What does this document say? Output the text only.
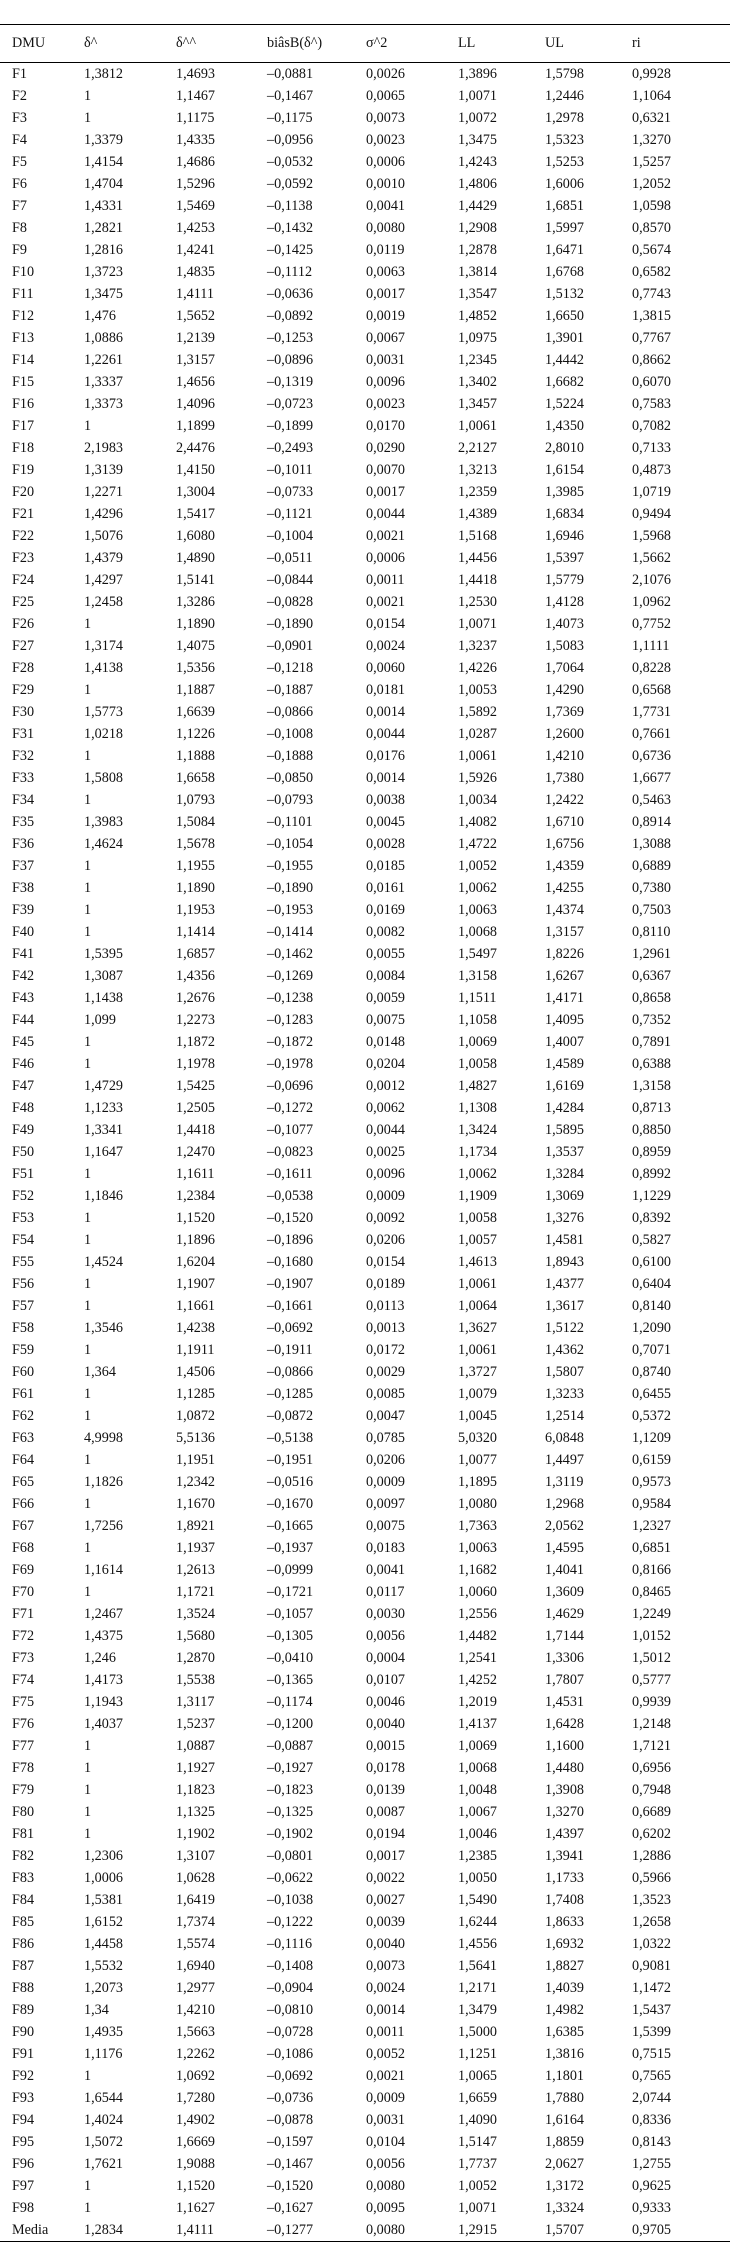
DMU	δ^	δ^^	biâsB(δ^)	σ^2	LL	UL	ri
F1	1,3812	1,4693	–0,0881	0,0026	1,3896	1,5798	0,9928
F2	1	1,1467	–0,1467	0,0065	1,0071	1,2446	1,1064
F3	1	1,1175	–0,1175	0,0073	1,0072	1,2978	0,6321
F4	1,3379	1,4335	–0,0956	0,0023	1,3475	1,5323	1,3270
F5	1,4154	1,4686	–0,0532	0,0006	1,4243	1,5253	1,5257
F6	1,4704	1,5296	–0,0592	0,0010	1,4806	1,6006	1,2052
F7	1,4331	1,5469	–0,1138	0,0041	1,4429	1,6851	1,0598
F8	1,2821	1,4253	–0,1432	0,0080	1,2908	1,5997	0,8570
F9	1,2816	1,4241	–0,1425	0,0119	1,2878	1,6471	0,5674
F10	1,3723	1,4835	–0,1112	0,0063	1,3814	1,6768	0,6582
F11	1,3475	1,4111	–0,0636	0,0017	1,3547	1,5132	0,7743
F12	1,476	1,5652	–0,0892	0,0019	1,4852	1,6650	1,3815
F13	1,0886	1,2139	–0,1253	0,0067	1,0975	1,3901	0,7767
F14	1,2261	1,3157	–0,0896	0,0031	1,2345	1,4442	0,8662
F15	1,3337	1,4656	–0,1319	0,0096	1,3402	1,6682	0,6070
F16	1,3373	1,4096	–0,0723	0,0023	1,3457	1,5224	0,7583
F17	1	1,1899	–0,1899	0,0170	1,0061	1,4350	0,7082
F18	2,1983	2,4476	–0,2493	0,0290	2,2127	2,8010	0,7133
F19	1,3139	1,4150	–0,1011	0,0070	1,3213	1,6154	0,4873
F20	1,2271	1,3004	–0,0733	0,0017	1,2359	1,3985	1,0719
F21	1,4296	1,5417	–0,1121	0,0044	1,4389	1,6834	0,9494
F22	1,5076	1,6080	–0,1004	0,0021	1,5168	1,6946	1,5968
F23	1,4379	1,4890	–0,0511	0,0006	1,4456	1,5397	1,5662
F24	1,4297	1,5141	–0,0844	0,0011	1,4418	1,5779	2,1076
F25	1,2458	1,3286	–0,0828	0,0021	1,2530	1,4128	1,0962
F26	1	1,1890	–0,1890	0,0154	1,0071	1,4073	0,7752
F27	1,3174	1,4075	–0,0901	0,0024	1,3237	1,5083	1,1111
F28	1,4138	1,5356	–0,1218	0,0060	1,4226	1,7064	0,8228
F29	1	1,1887	–0,1887	0,0181	1,0053	1,4290	0,6568
F30	1,5773	1,6639	–0,0866	0,0014	1,5892	1,7369	1,7731
F31	1,0218	1,1226	–0,1008	0,0044	1,0287	1,2600	0,7661
F32	1	1,1888	–0,1888	0,0176	1,0061	1,4210	0,6736
F33	1,5808	1,6658	–0,0850	0,0014	1,5926	1,7380	1,6677
F34	1	1,0793	–0,0793	0,0038	1,0034	1,2422	0,5463
F35	1,3983	1,5084	–0,1101	0,0045	1,4082	1,6710	0,8914
F36	1,4624	1,5678	–0,1054	0,0028	1,4722	1,6756	1,3088
F37	1	1,1955	–0,1955	0,0185	1,0052	1,4359	0,6889
F38	1	1,1890	–0,1890	0,0161	1,0062	1,4255	0,7380
F39	1	1,1953	–0,1953	0,0169	1,0063	1,4374	0,7503
F40	1	1,1414	–0,1414	0,0082	1,0068	1,3157	0,8110
F41	1,5395	1,6857	–0,1462	0,0055	1,5497	1,8226	1,2961
F42	1,3087	1,4356	–0,1269	0,0084	1,3158	1,6267	0,6367
F43	1,1438	1,2676	–0,1238	0,0059	1,1511	1,4171	0,8658
F44	1,099	1,2273	–0,1283	0,0075	1,1058	1,4095	0,7352
F45	1	1,1872	–0,1872	0,0148	1,0069	1,4007	0,7891
F46	1	1,1978	–0,1978	0,0204	1,0058	1,4589	0,6388
F47	1,4729	1,5425	–0,0696	0,0012	1,4827	1,6169	1,3158
F48	1,1233	1,2505	–0,1272	0,0062	1,1308	1,4284	0,8713
F49	1,3341	1,4418	–0,1077	0,0044	1,3424	1,5895	0,8850
F50	1,1647	1,2470	–0,0823	0,0025	1,1734	1,3537	0,8959
F51	1	1,1611	–0,1611	0,0096	1,0062	1,3284	0,8992
F52	1,1846	1,2384	–0,0538	0,0009	1,1909	1,3069	1,1229
F53	1	1,1520	–0,1520	0,0092	1,0058	1,3276	0,8392
F54	1	1,1896	–0,1896	0,0206	1,0057	1,4581	0,5827
F55	1,4524	1,6204	–0,1680	0,0154	1,4613	1,8943	0,6100
F56	1	1,1907	–0,1907	0,0189	1,0061	1,4377	0,6404
F57	1	1,1661	–0,1661	0,0113	1,0064	1,3617	0,8140
F58	1,3546	1,4238	–0,0692	0,0013	1,3627	1,5122	1,2090
F59	1	1,1911	–0,1911	0,0172	1,0061	1,4362	0,7071
F60	1,364	1,4506	–0,0866	0,0029	1,3727	1,5807	0,8740
F61	1	1,1285	–0,1285	0,0085	1,0079	1,3233	0,6455
F62	1	1,0872	–0,0872	0,0047	1,0045	1,2514	0,5372
F63	4,9998	5,5136	–0,5138	0,0785	5,0320	6,0848	1,1209
F64	1	1,1951	–0,1951	0,0206	1,0077	1,4497	0,6159
F65	1,1826	1,2342	–0,0516	0,0009	1,1895	1,3119	0,9573
F66	1	1,1670	–0,1670	0,0097	1,0080	1,2968	0,9584
F67	1,7256	1,8921	–0,1665	0,0075	1,7363	2,0562	1,2327
F68	1	1,1937	–0,1937	0,0183	1,0063	1,4595	0,6851
F69	1,1614	1,2613	–0,0999	0,0041	1,1682	1,4041	0,8166
F70	1	1,1721	–0,1721	0,0117	1,0060	1,3609	0,8465
F71	1,2467	1,3524	–0,1057	0,0030	1,2556	1,4629	1,2249
F72	1,4375	1,5680	–0,1305	0,0056	1,4482	1,7144	1,0152
F73	1,246	1,2870	–0,0410	0,0004	1,2541	1,3306	1,5012
F74	1,4173	1,5538	–0,1365	0,0107	1,4252	1,7807	0,5777
F75	1,1943	1,3117	–0,1174	0,0046	1,2019	1,4531	0,9939
F76	1,4037	1,5237	–0,1200	0,0040	1,4137	1,6428	1,2148
F77	1	1,0887	–0,0887	0,0015	1,0069	1,1600	1,7121
F78	1	1,1927	–0,1927	0,0178	1,0068	1,4480	0,6956
F79	1	1,1823	–0,1823	0,0139	1,0048	1,3908	0,7948
F80	1	1,1325	–0,1325	0,0087	1,0067	1,3270	0,6689
F81	1	1,1902	–0,1902	0,0194	1,0046	1,4397	0,6202
F82	1,2306	1,3107	–0,0801	0,0017	1,2385	1,3941	1,2886
F83	1,0006	1,0628	–0,0622	0,0022	1,0050	1,1733	0,5966
F84	1,5381	1,6419	–0,1038	0,0027	1,5490	1,7408	1,3523
F85	1,6152	1,7374	–0,1222	0,0039	1,6244	1,8633	1,2658
F86	1,4458	1,5574	–0,1116	0,0040	1,4556	1,6932	1,0322
F87	1,5532	1,6940	–0,1408	0,0073	1,5641	1,8827	0,9081
F88	1,2073	1,2977	–0,0904	0,0024	1,2171	1,4039	1,1472
F89	1,34	1,4210	–0,0810	0,0014	1,3479	1,4982	1,5437
F90	1,4935	1,5663	–0,0728	0,0011	1,5000	1,6385	1,5399
F91	1,1176	1,2262	–0,1086	0,0052	1,1251	1,3816	0,7515
F92	1	1,0692	–0,0692	0,0021	1,0065	1,1801	0,7565
F93	1,6544	1,7280	–0,0736	0,0009	1,6659	1,7880	2,0744
F94	1,4024	1,4902	–0,0878	0,0031	1,4090	1,6164	0,8336
F95	1,5072	1,6669	–0,1597	0,0104	1,5147	1,8859	0,8143
F96	1,7621	1,9088	–0,1467	0,0056	1,7737	2,0627	1,2755
F97	1	1,1520	–0,1520	0,0080	1,0052	1,3172	0,9625
F98	1	1,1627	–0,1627	0,0095	1,0071	1,3324	0,9333
Media	1,2834	1,4111	–0,1277	0,0080	1,2915	1,5707	0,9705
